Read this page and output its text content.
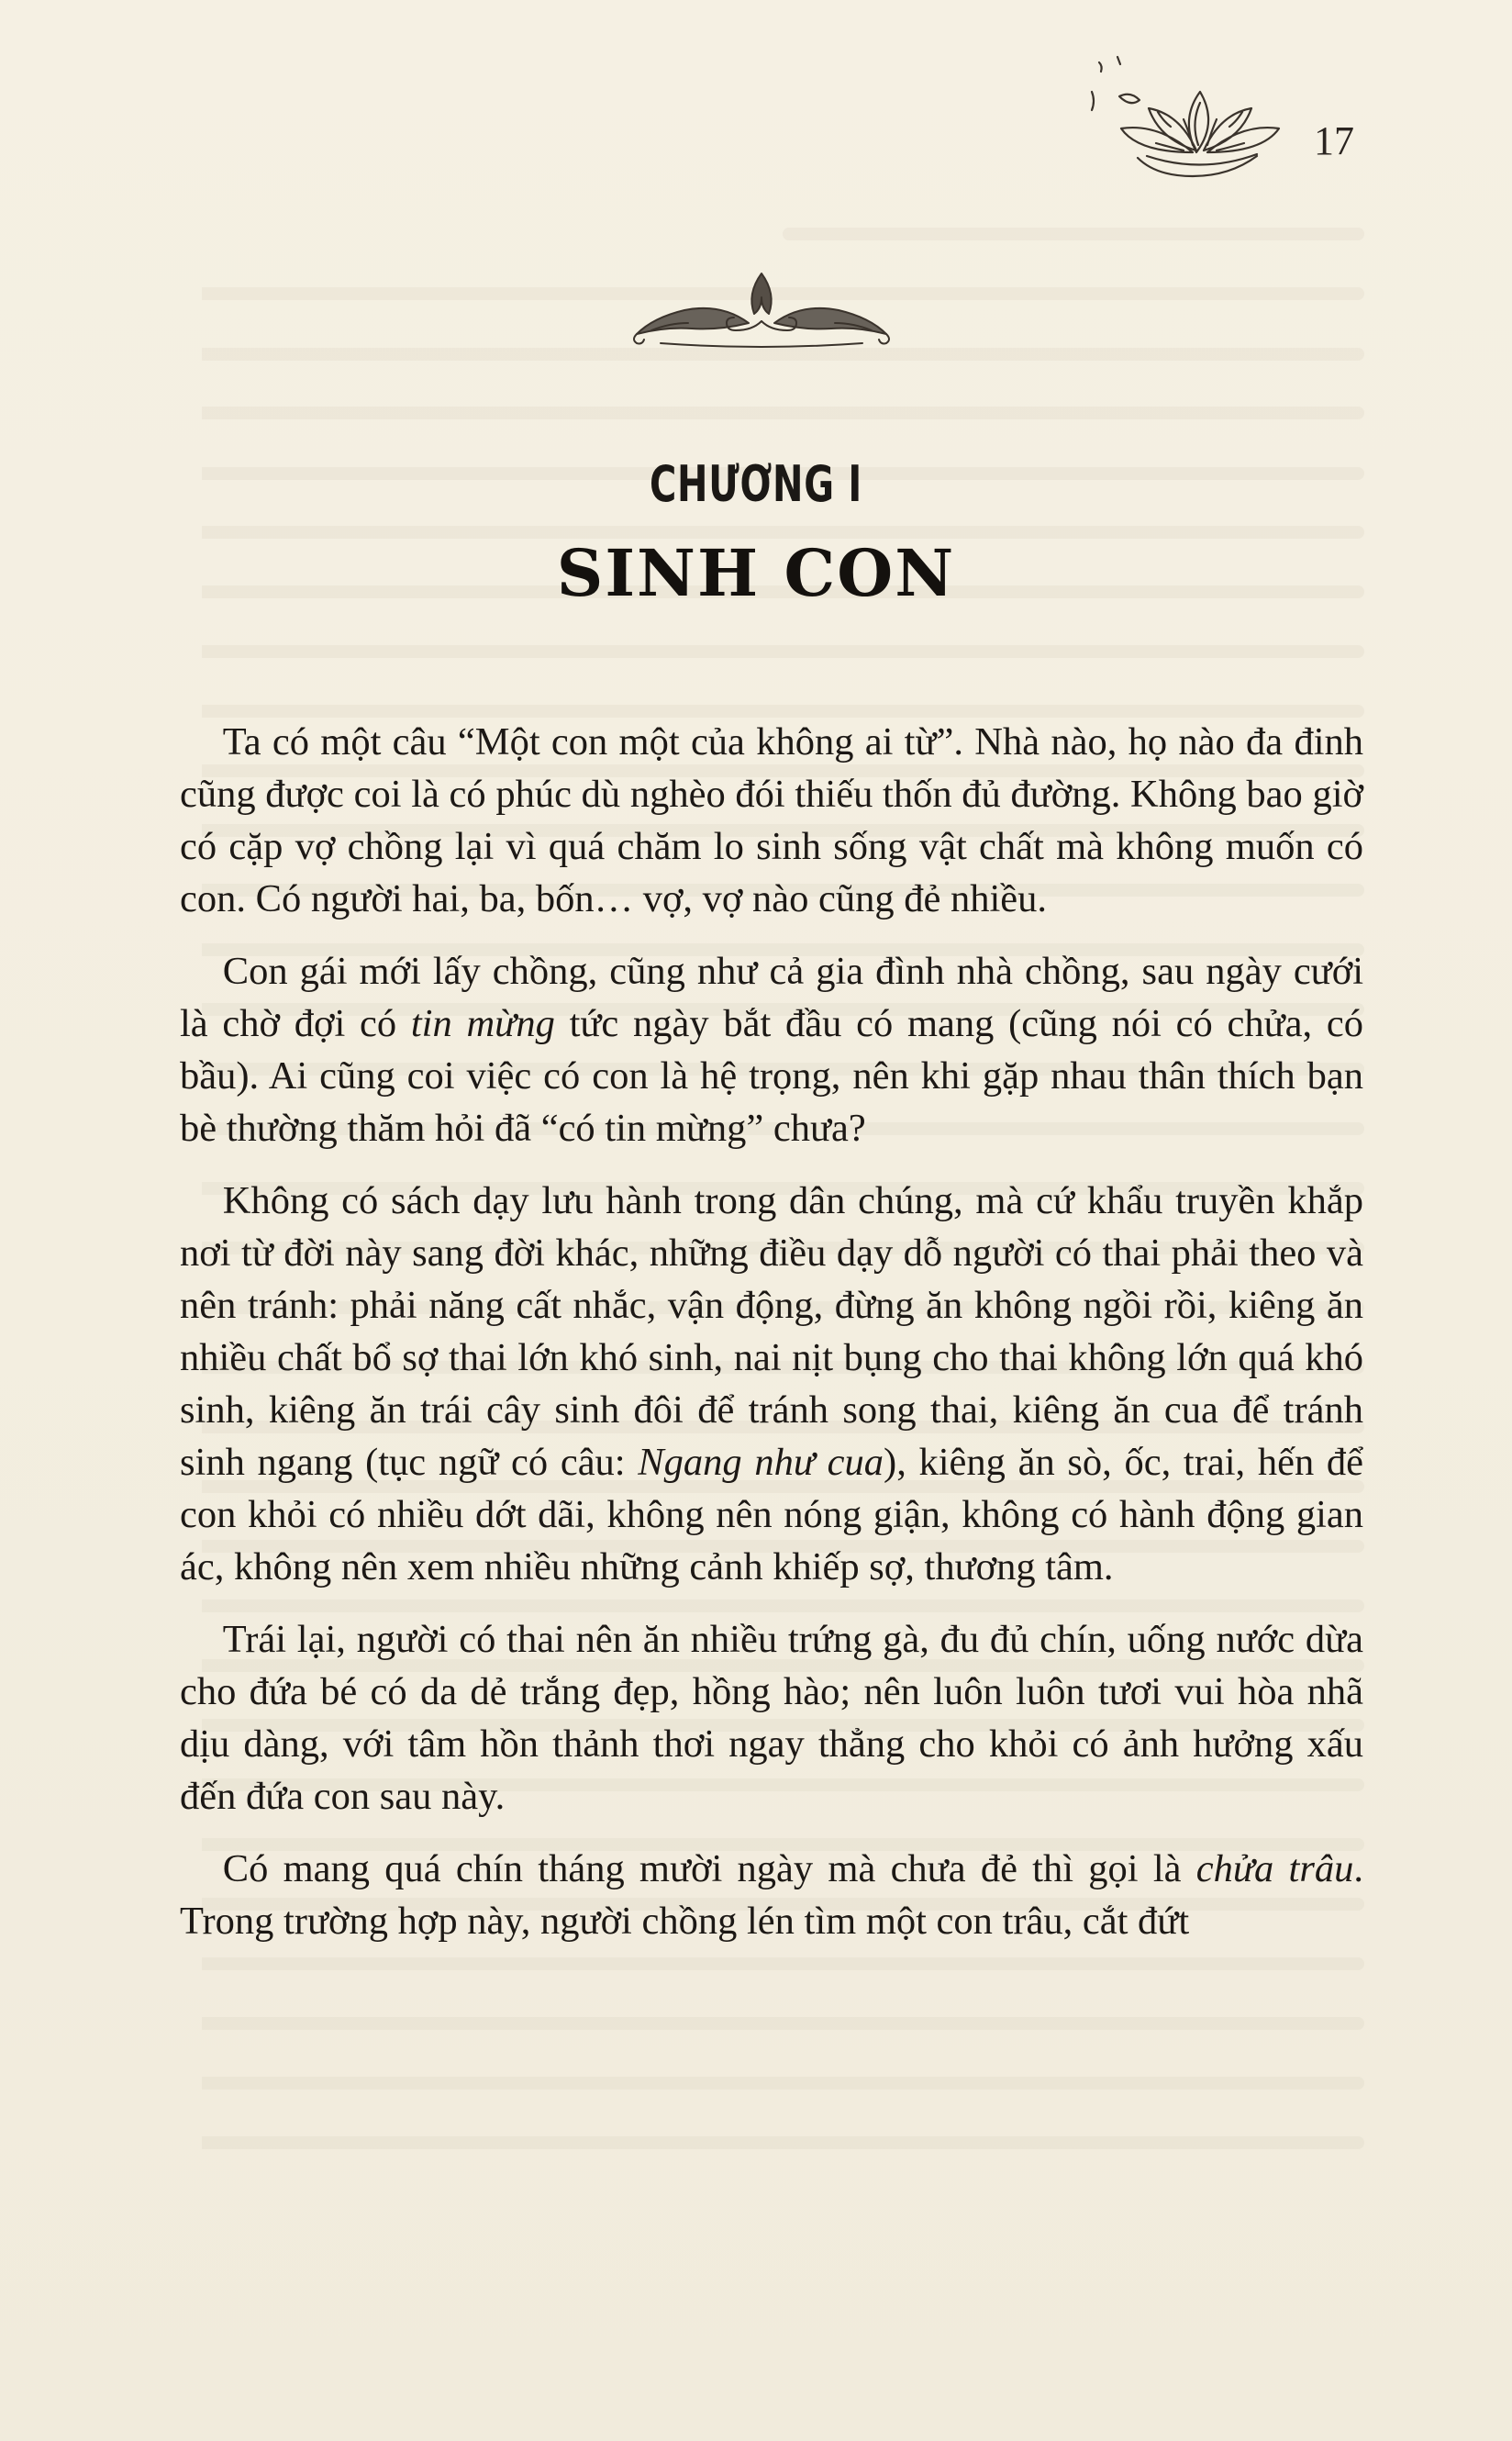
17
CHƯƠNG I
SINH CON

Ta có một câu “Một con một của không ai từ”. Nhà nào, họ nào đa đinh cũng được coi là có phúc dù nghèo đói thiếu thốn đủ đường. Không bao giờ có cặp vợ chồng lại vì quá chăm lo sinh sống vật chất mà không muốn có con. Có người hai, ba, bốn… vợ, vợ nào cũng đẻ nhiều.

Con gái mới lấy chồng, cũng như cả gia đình nhà chồng, sau ngày cưới là chờ đợi có tin mừng tức ngày bắt đầu có mang (cũng nói có chửa, có bầu). Ai cũng coi việc có con là hệ trọng, nên khi gặp nhau thân thích bạn bè thường thăm hỏi đã “có tin mừng” chưa?

Không có sách dạy lưu hành trong dân chúng, mà cứ khẩu truyền khắp nơi từ đời này sang đời khác, những điều dạy dỗ người có thai phải theo và nên tránh: phải năng cất nhắc, vận động, đừng ăn không ngồi rồi, kiêng ăn nhiều chất bổ sợ thai lớn khó sinh, nai nịt bụng cho thai không lớn quá khó sinh, kiêng ăn trái cây sinh đôi để tránh song thai, kiêng ăn cua để tránh sinh ngang (tục ngữ có câu: Ngang như cua), kiêng ăn sò, ốc, trai, hến để con khỏi có nhiều dớt dãi, không nên nóng giận, không có hành động gian ác, không nên xem nhiều những cảnh khiếp sợ, thương tâm.

Trái lại, người có thai nên ăn nhiều trứng gà, đu đủ chín, uống nước dừa cho đứa bé có da dẻ trắng đẹp, hồng hào; nên luôn luôn tươi vui hòa nhã dịu dàng, với tâm hồn thảnh thơi ngay thẳng cho khỏi có ảnh hưởng xấu đến đứa con sau này.

Có mang quá chín tháng mười ngày mà chưa đẻ thì gọi là chửa trâu. Trong trường hợp này, người chồng lén tìm một con trâu, cắt đứt
